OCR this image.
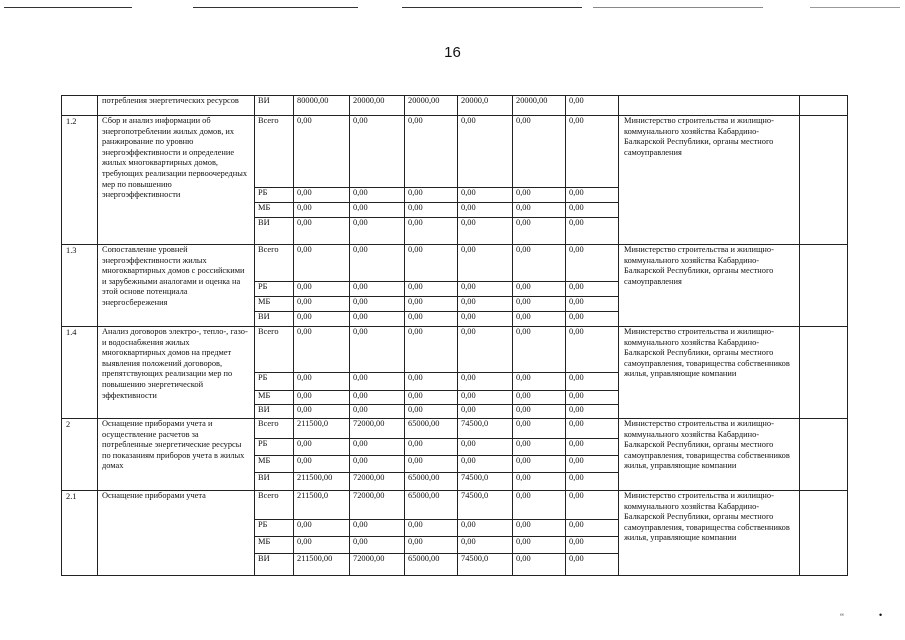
16
	потребления энергетических ресурсов	ВИ	80000,00	20000,00	20000,00	20000,0	20000,00	0,00		
1.2	Сбор и анализ информации об энергопотреблении жилых домов, их ранжирование по уровню энергоэффективности и определение жилых многоквартирных домов, требующих реализации первоочередных мер по повышению энергоэффективности	Всего	0,00	0,00	0,00	0,00	0,00	0,00	Министерство строительства и жилищно-коммунального хозяйства Кабардино-Балкарской Республики, органы местного самоуправления	
		РБ	0,00	0,00	0,00	0,00	0,00	0,00		
		МБ	0,00	0,00	0,00	0,00	0,00	0,00		
		ВИ	0,00	0,00	0,00	0,00	0,00	0,00		
1.3	Сопоставление уровней энергоэффективности жилых многоквартирных домов с российскими и зарубежными аналогами и оценка на этой основе потенциала энергосбережения	Всего	0,00	0,00	0,00	0,00	0,00	0,00	Министерство строительства и жилищно-коммунального хозяйства Кабардино-Балкарской Республики, органы местного самоуправления	
		РБ	0,00	0,00	0,00	0,00	0,00	0,00		
		МБ	0,00	0,00	0,00	0,00	0,00	0,00		
		ВИ	0,00	0,00	0,00	0,00	0,00	0,00		
1.4	Анализ договоров электро-, тепло-, газо- и водоснабжения жилых многоквартирных домов на предмет выявления положений договоров, препятствующих реализации мер по повышению энергетической эффективности	Всего	0,00	0,00	0,00	0,00	0,00	0,00	Министерство строительства и жилищно-коммунального хозяйства Кабардино-Балкарской Республики, органы местного самоуправления, товарищества собственников жилья, управляющие компании	
		РБ	0,00	0,00	0,00	0,00	0,00	0,00		
		МБ	0,00	0,00	0,00	0,00	0,00	0,00		
		ВИ	0,00	0,00	0,00	0,00	0,00	0,00		
2	Оснащение приборами учета и осуществление расчетов за потребленные энергетические ресурсы по показаниям приборов учета в жилых домах	Всего	211500,0	72000,00	65000,00	74500,0	0,00	0,00	Министерство строительства и жилищно-коммунального хозяйства Кабардино-Балкарской Республики, органы местного самоуправления, товарищества собственников жилья, управляющие компании	
		РБ	0,00	0,00	0,00	0,00	0,00	0,00		
		МБ	0,00	0,00	0,00	0,00	0,00	0,00		
		ВИ	211500,00	72000,00	65000,00	74500,0	0,00	0,00		
2.1	Оснащение приборами учета	Всего	211500,0	72000,00	65000,00	74500,0	0,00	0,00	Министерство строительства и жилищно-коммунального хозяйства Кабардино-Балкарской Республики, органы местного самоуправления, товарищества собственников жилья, управляющие компании	
		РБ	0,00	0,00	0,00	0,00	0,00	0,00		
		МБ	0,00	0,00	0,00	0,00	0,00	0,00		
		ВИ	211500,00	72000,00	65000,00	74500,0	0,00	0,00		
ʻʻ	•
